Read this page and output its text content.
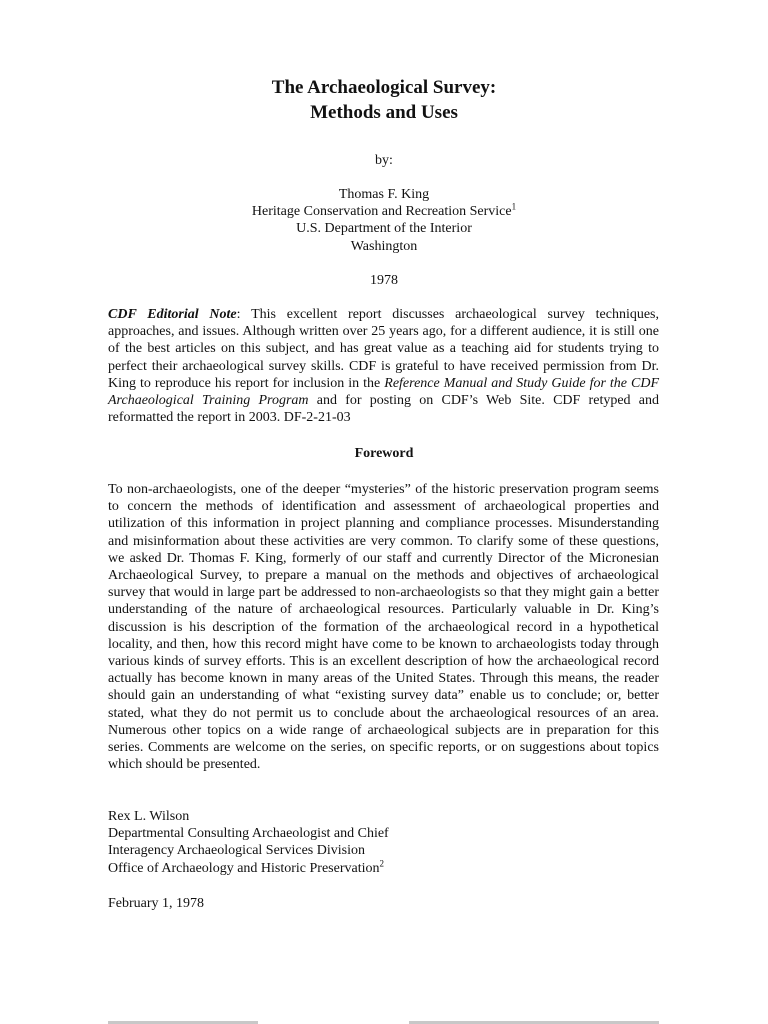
The Archaeological Survey:
Methods and Uses
by:
Thomas F. King
Heritage Conservation and Recreation Service$^1$
U.S. Department of the Interior
Washington
1978
CDF Editorial Note: This excellent report discusses archaeological survey techniques, approaches, and issues. Although written over 25 years ago, for a different audience, it is still one of the best articles on this subject, and has great value as a teaching aid for students trying to perfect their archaeological survey skills. CDF is grateful to have received permission from Dr. King to reproduce his report for inclusion in the Reference Manual and Study Guide for the CDF Archaeological Training Program and for posting on CDF’s Web Site. CDF retyped and reformatted the report in 2003. DF-2-21-03
Foreword
To non-archaeologists, one of the deeper “mysteries” of the historic preservation program seems to concern the methods of identification and assessment of archaeological properties and utilization of this information in project planning and compliance processes. Misunderstanding and misinformation about these activities are very common. To clarify some of these questions, we asked Dr. Thomas F. King, formerly of our staff and currently Director of the Micronesian Archaeological Survey, to prepare a manual on the methods and objectives of archaeological survey that would in large part be addressed to non-archaeologists so that they might gain a better understanding of the nature of archaeological resources. Particularly valuable in Dr. King’s discussion is his description of the formation of the archaeological record in a hypothetical locality, and then, how this record might have come to be known to archaeologists today through various kinds of survey efforts. This is an excellent description of how the archaeological record actually has become known in many areas of the United States. Through this means, the reader should gain an understanding of what “existing survey data” enable us to conclude; or, better stated, what they do not permit us to conclude about the archaeological resources of an area. Numerous other topics on a wide range of archaeological subjects are in preparation for this series. Comments are welcome on the series, on specific reports, or on suggestions about topics which should be presented.
Rex L. Wilson
Departmental Consulting Archaeologist and Chief
Interagency Archaeological Services Division
Office of Archaeology and Historic Preservation$^2$
February 1, 1978
